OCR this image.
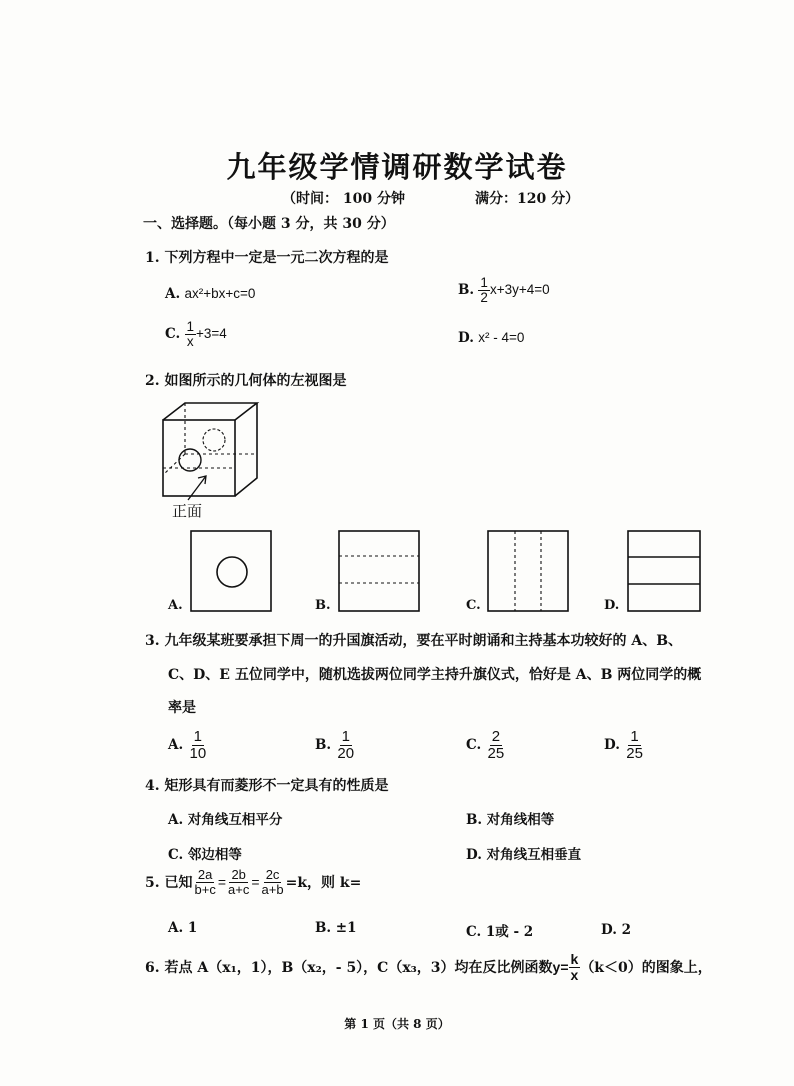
九年级学情调研数学试卷
（时间： 100 分钟	满分：120 分）
一、选择题。（每小题 3 分，共 30 分）
1. 下列方程中一定是一元二次方程的是
A. ax²+bx+c=0	B. $\frac{1}{2} x+3y+4=0$
C. $\frac{1}{x} +3=4$	D. x² - 4=0
2. 如图所示的几何体的左视图是
正面
A.	B.	C.	D.
3. 九年级某班要承担下周一的升国旗活动，要在平时朗诵和主持基本功较好的 A、B、
C、D、E 五位同学中，随机选拔两位同学主持升旗仪式，恰好是 A、B 两位同学的概
率是
A. $\frac{1}{10}$	B. $\frac{1}{20}$	C. $\frac{2}{25}$	D. $\frac{1}{25}$
4. 矩形具有而菱形不一定具有的性质是
A. 对角线互相平分	B. 对角线相等
C. 邻边相等	D. 对角线互相垂直
5. 已知 $\frac{2a}{b+c} = \frac{2b}{a+c} = \frac{2c}{a+b} =k$，则 k=
A. 1	B. ±1	C. 1或 - 2	D. 2
6. 若点 A（x₁，1），B（x₂，- 5），C（x₃，3）均在反比例函数 $y= \frac{k}{x} (k<0)$的图象上，
第 1 页（共 8 页）
